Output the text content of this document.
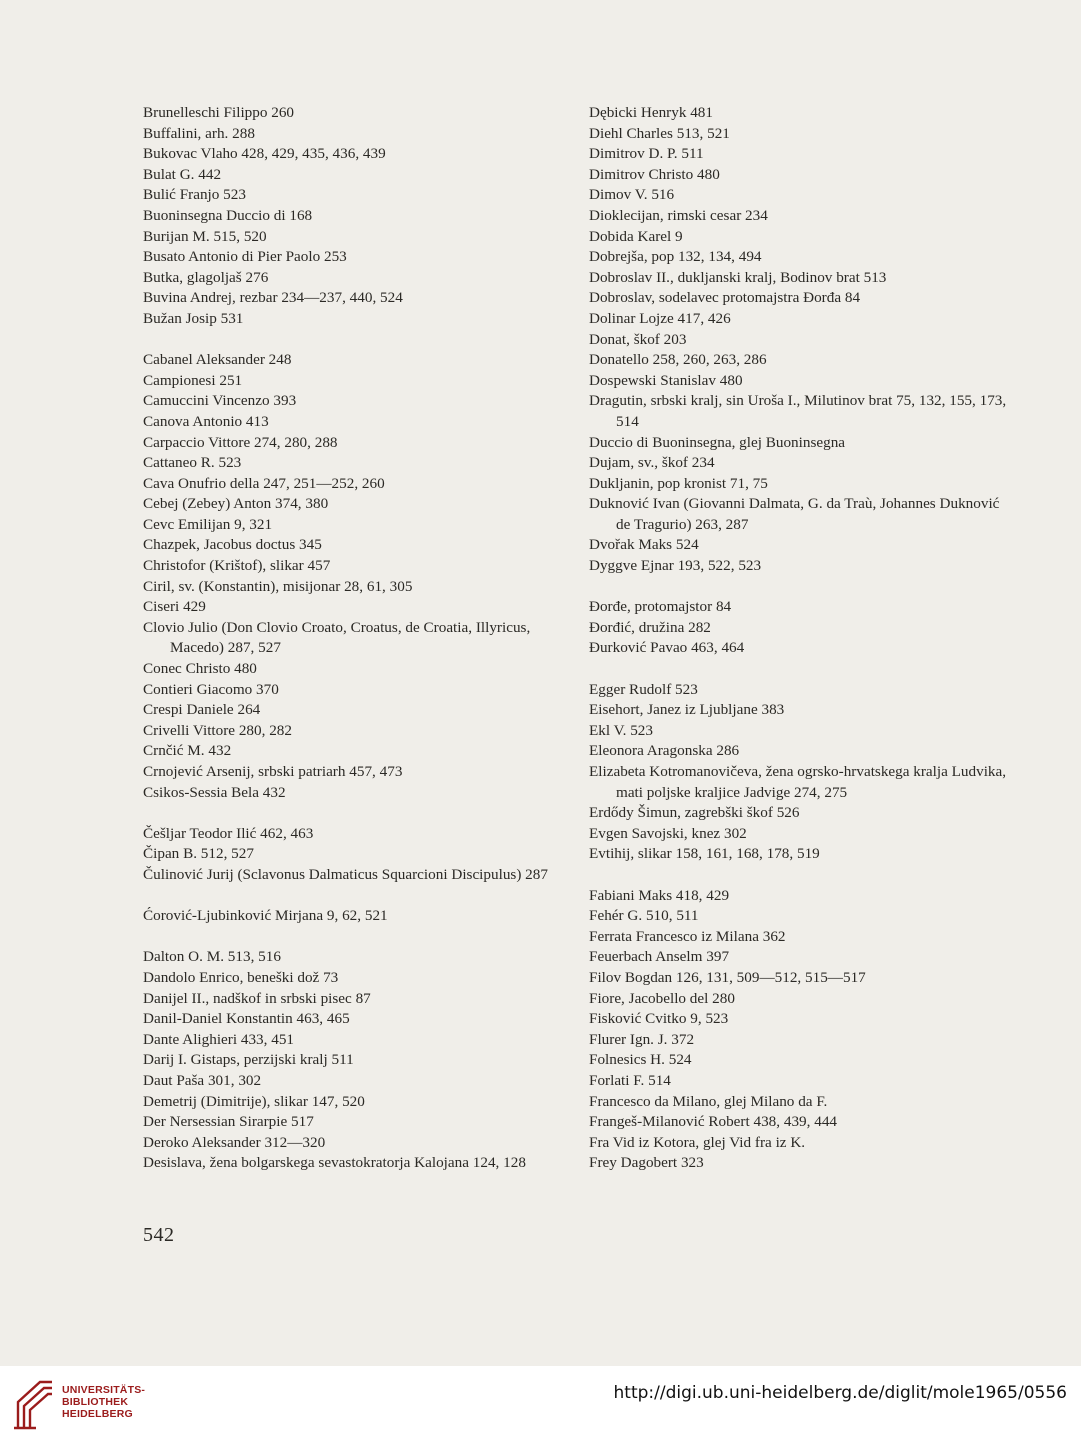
Brunelleschi Filippo 260
Buffalini, arh. 288
Bukovac Vlaho 428, 429, 435, 436, 439
Bulat G. 442
Bulić Franjo 523
Buoninsegna Duccio di 168
Burijan M. 515, 520
Busato Antonio di Pier Paolo 253
Butka, glagoljaš 276
Buvina Andrej, rezbar 234—237, 440, 524
Bužan Josip 531
Cabanel Aleksander 248
Campionesi 251
Camuccini Vincenzo 393
Canova Antonio 413
Carpaccio Vittore 274, 280, 288
Cattaneo R. 523
Cava Onufrio della 247, 251—252, 260
Cebej (Zebey) Anton 374, 380
Cevc Emilijan 9, 321
Chazpek, Jacobus doctus 345
Christofor (Krištof), slikar 457
Ciril, sv. (Konstantin), misijonar 28, 61, 305
Ciseri 429
Clovio Julio (Don Clovio Croato, Croatus, de Croatia, Illyricus, Macedo) 287, 527
Conec Christo 480
Contieri Giacomo 370
Crespi Daniele 264
Crivelli Vittore 280, 282
Crnčić M. 432
Crnojević Arsenij, srbski patriarh 457, 473
Csikos-Sessia Bela 432
Češljar Teodor Ilić 462, 463
Čipan B. 512, 527
Čulinović Jurij (Sclavonus Dalmaticus Squarcioni Discipulus) 287
Ćorović-Ljubinković Mirjana 9, 62, 521
Dalton O. M. 513, 516
Dandolo Enrico, beneški dož 73
Danijel II., nadškof in srbski pisec 87
Danil-Daniel Konstantin 463, 465
Dante Alighieri 433, 451
Darij I. Gistaps, perzijski kralj 511
Daut Paša 301, 302
Demetrij (Dimitrije), slikar 147, 520
Der Nersessian Sirarpie 517
Deroko Aleksander 312—320
Desislava, žena bolgarskega sevastokratorja Kalojana 124, 128
Dębicki Henryk 481
Diehl Charles 513, 521
Dimitrov D. P. 511
Dimitrov Christo 480
Dimov V. 516
Dioklecijan, rimski cesar 234
Dobida Karel 9
Dobrejša, pop 132, 134, 494
Dobroslav II., dukljanski kralj, Bodinov brat 513
Dobroslav, sodelavec protomajstra Đorđa 84
Dolinar Lojze 417, 426
Donat, škof 203
Donatello 258, 260, 263, 286
Dospewski Stanislav 480
Dragutin, srbski kralj, sin Uroša I., Milutinov brat 75, 132, 155, 173, 514
Duccio di Buoninsegna, glej Buoninsegna
Dujam, sv., škof 234
Dukljanin, pop kronist 71, 75
Duknović Ivan (Giovanni Dalmata, G. da Traù, Johannes Duknović de Tragurio) 263, 287
Dvořak Maks 524
Dyggve Ejnar 193, 522, 523
Đorđe, protomajstor 84
Đorđić, družina 282
Đurković Pavao 463, 464
Egger Rudolf 523
Eisehort, Janez iz Ljubljane 383
Ekl V. 523
Eleonora Aragonska 286
Elizabeta Kotromanovičeva, žena ogrsko-hrvatskega kralja Ludvika, mati poljske kraljice Jadvige 274, 275
Erdődy Šimun, zagrebški škof 526
Evgen Savojski, knez 302
Evtihij, slikar 158, 161, 168, 178, 519
Fabiani Maks 418, 429
Fehér G. 510, 511
Ferrata Francesco iz Milana 362
Feuerbach Anselm 397
Filov Bogdan 126, 131, 509—512, 515—517
Fiore, Jacobello del 280
Fisković Cvitko 9, 523
Flurer Ign. J. 372
Folnesics H. 524
Forlati F. 514
Francesco da Milano, glej Milano da F.
Frangeš-Milanović Robert 438, 439, 444
Fra Vid iz Kotora, glej Vid fra iz K.
Frey Dagobert 323
542
UNIVERSITÄTS-
BIBLIOTHEK
HEIDELBERG
http://digi.ub.uni-heidelberg.de/diglit/mole1965/0556
